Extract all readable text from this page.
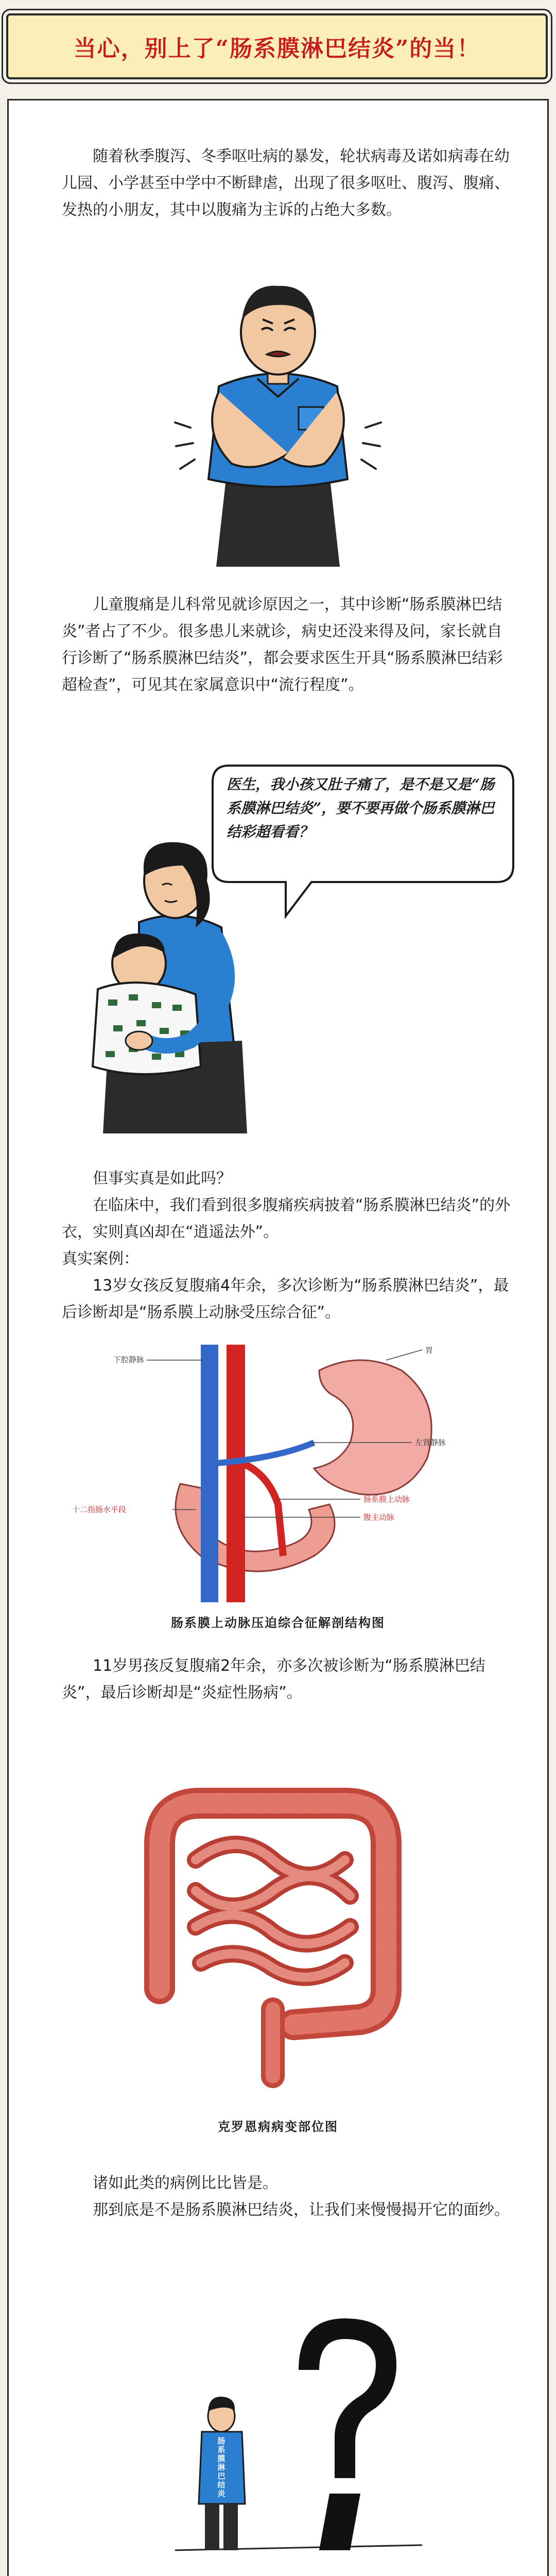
当心，别上了“肠系膜淋巴结炎”的当！

随着秋季腹泻、冬季呕吐病的暴发，轮状病毒及诺如病毒在幼儿园、小学甚至中学中不断肆虐，出现了很多呕吐、腹泻、腹痛、发热的小朋友，其中以腹痛为主诉的占绝大多数。

儿童腹痛是儿科常见就诊原因之一，其中诊断“肠系膜淋巴结炎”者占了不少。很多患儿来就诊，病史还没来得及问，家长就自行诊断了“肠系膜淋巴结炎”，都会要求医生开具“肠系膜淋巴结彩超检查”，可见其在家属意识中“流行程度”。

医生，我小孩又肚子痛了，是不是又是“肠系膜淋巴结炎”，要不要再做个肠系膜淋巴结彩超看看？

但事实真是如此吗？

在临床中，我们看到很多腹痛疾病披着“肠系膜淋巴结炎”的外衣，实则真凶却在“逍遥法外”。

真实案例：

13岁女孩反复腹痛4年余，多次诊断为“肠系膜淋巴结炎”，最后诊断却是“肠系膜上动脉受压综合征”。

胃
下腔静脉
左肾静脉
十二指肠水平段
肠系膜上动脉
腹主动脉
肠系膜上动脉压迫综合征解剖结构图

11岁男孩反复腹痛2年余，亦多次被诊断为“肠系膜淋巴结炎”，最后诊断却是“炎症性肠病”。

克罗恩病病变部位图

诸如此类的病例比比皆是。

那到底是不是肠系膜淋巴结炎，让我们来慢慢揭开它的面纱。

肠系膜淋巴结炎
